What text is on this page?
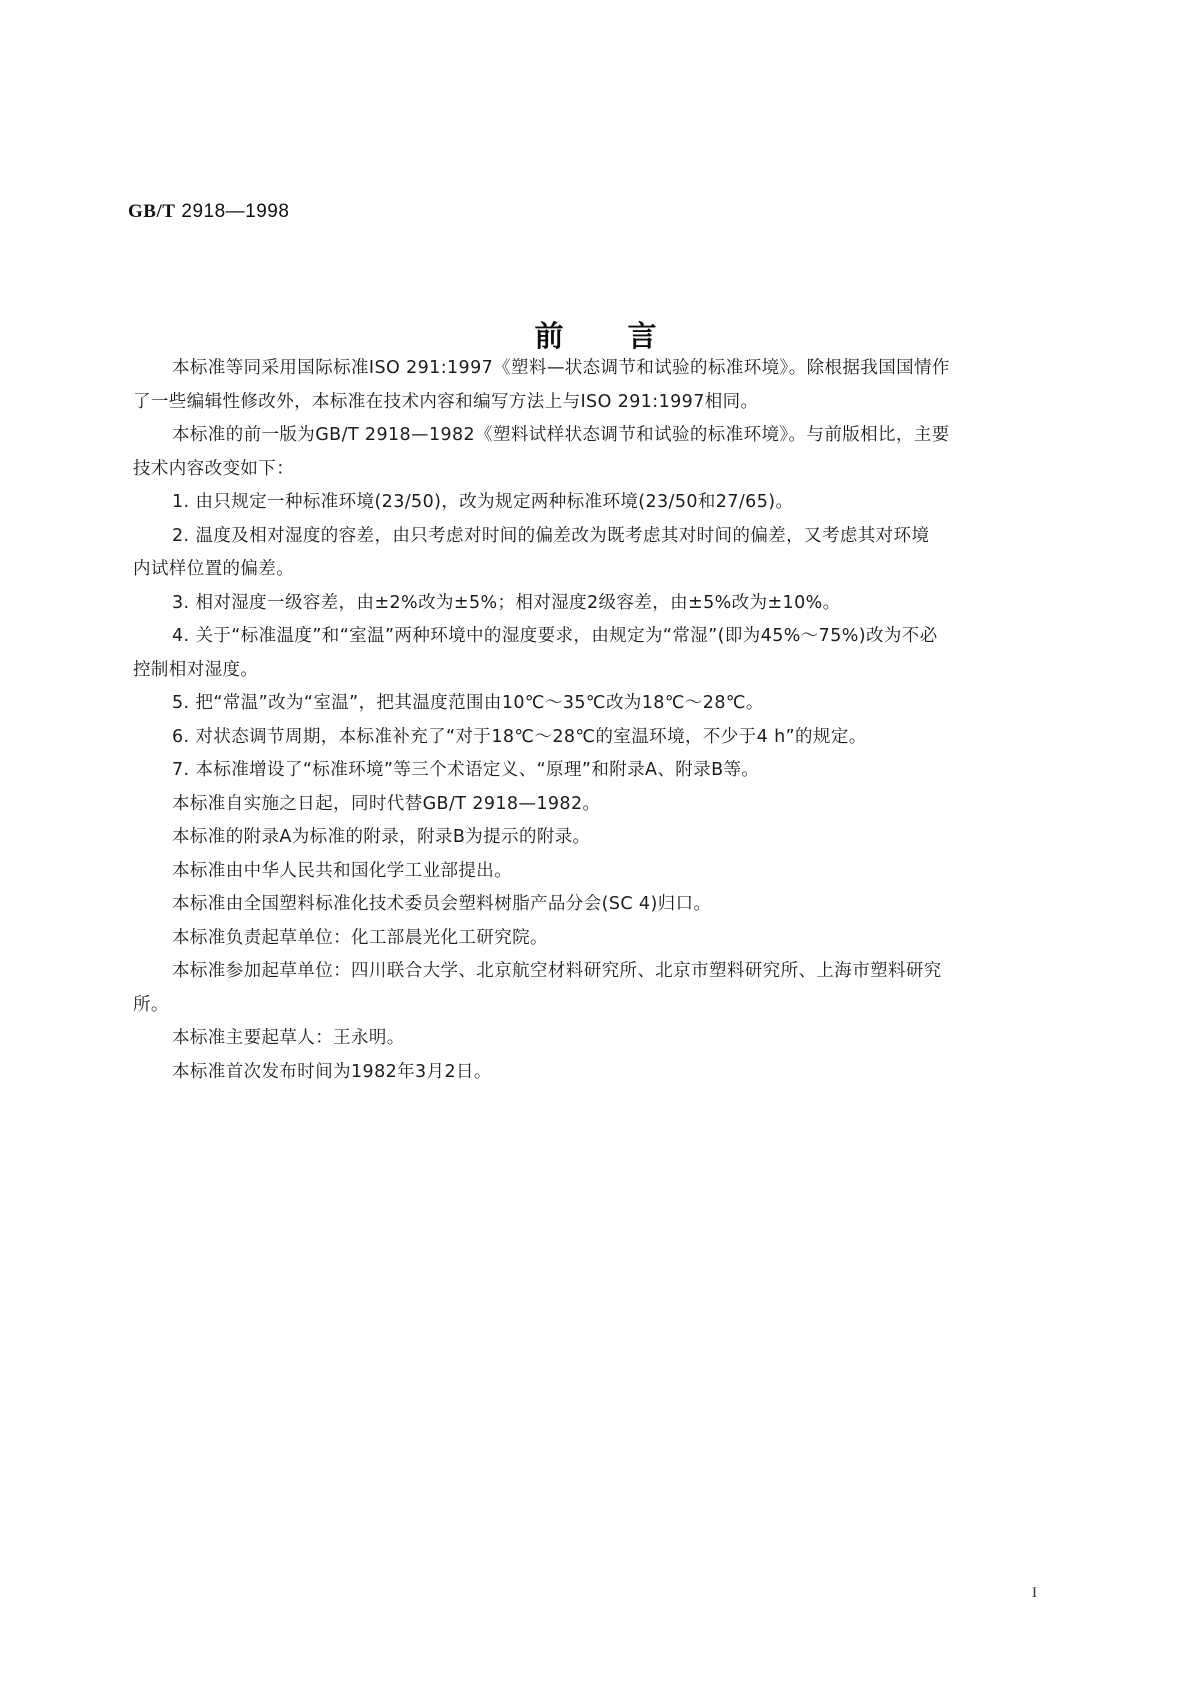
GB/T 2918—1998
前 言
本标准等同采用国际标准ISO 291:1997《塑料—状态调节和试验的标准环境》。除根据我国国情作
了一些编辑性修改外，本标准在技术内容和编写方法上与ISO 291:1997相同。
本标准的前一版为GB/T 2918—1982《塑料试样状态调节和试验的标准环境》。与前版相比，主要
技术内容改变如下：
1. 由只规定一种标准环境(23/50)，改为规定两种标准环境(23/50和27/65)。
2. 温度及相对湿度的容差，由只考虑对时间的偏差改为既考虑其对时间的偏差，又考虑其对环境
内试样位置的偏差。
3. 相对湿度一级容差，由±2%改为±5%；相对湿度2级容差，由±5%改为±10%。
4. 关于“标准温度”和“室温”两种环境中的湿度要求，由规定为“常湿”(即为45%～75%)改为不必
控制相对湿度。
5. 把“常温”改为“室温”，把其温度范围由10℃～35℃改为18℃～28℃。
6. 对状态调节周期，本标准补充了“对于18℃～28℃的室温环境，不少于4 h”的规定。
7. 本标准增设了“标准环境”等三个术语定义、“原理”和附录A、附录B等。
本标准自实施之日起，同时代替GB/T 2918—1982。
本标准的附录A为标准的附录，附录B为提示的附录。
本标准由中华人民共和国化学工业部提出。
本标准由全国塑料标准化技术委员会塑料树脂产品分会(SC 4)归口。
本标准负责起草单位：化工部晨光化工研究院。
本标准参加起草单位：四川联合大学、北京航空材料研究所、北京市塑料研究所、上海市塑料研究
所。
本标准主要起草人：王永明。
本标准首次发布时间为1982年3月2日。
I
